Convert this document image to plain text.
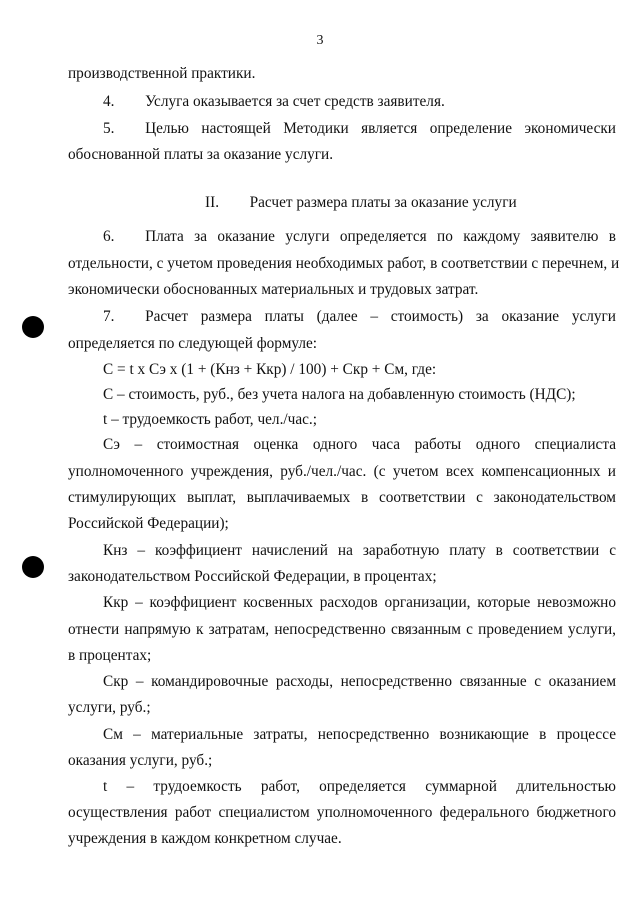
3
производственной практики.
4.  Услуга оказывается за счет средств заявителя.
5.  Целью настоящей Методики является определение экономически
обоснованной платы за оказание услуги.
II.  Расчет размера платы за оказание услуги
6.  Плата за оказание услуги определяется по каждому заявителю в
отдельности, с учетом проведения необходимых работ, в соответствии с перечнем, и
экономически обоснованных материальных и трудовых затрат.
7.  Расчет размера платы (далее – стоимость) за оказание услуги
определяется по следующей формуле:
С = t х Сэ х (1 + (Кнз + Ккр) / 100) + Скр + См, где:
С – стоимость, руб., без учета налога на добавленную стоимость (НДС);
t – трудоемкость работ, чел./час.;
Сэ – стоимостная оценка одного часа работы одного специалиста
уполномоченного учреждения, руб./чел./час. (с учетом всех компенсационных и
стимулирующих выплат, выплачиваемых в соответствии с законодательством
Российской Федерации);
Кнз – коэффициент начислений на заработную плату в соответствии с
законодательством Российской Федерации, в процентах;
Ккр – коэффициент косвенных расходов организации, которые невозможно
отнести напрямую к затратам, непосредственно связанным с проведением услуги,
в процентах;
Скр – командировочные расходы, непосредственно связанные с оказанием
услуги, руб.;
См – материальные затраты, непосредственно возникающие в процессе
оказания услуги, руб.;
t – трудоемкость работ, определяется суммарной длительностью
осуществления работ специалистом уполномоченного федерального бюджетного
учреждения в каждом конкретном случае.
